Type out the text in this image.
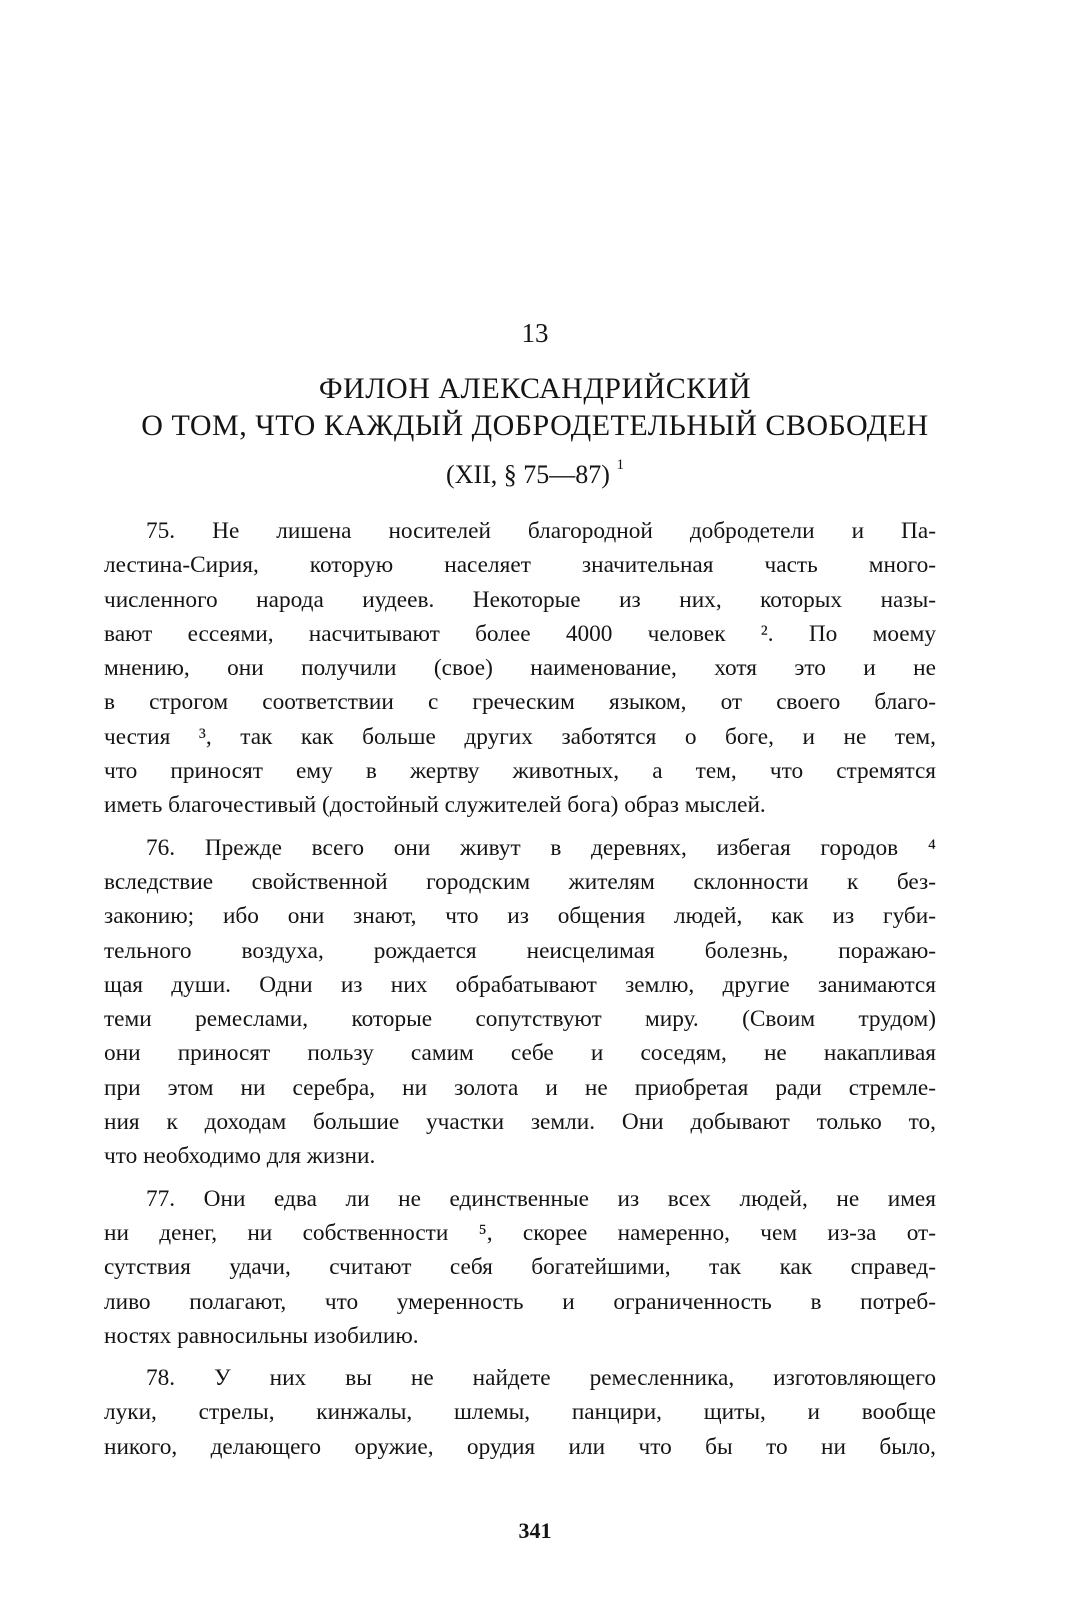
13
ФИЛОН АЛЕКСАНДРИЙСКИЙ
О ТОМ, ЧТО КАЖДЫЙ ДОБРОДЕТЕЛЬНЫЙ СВОБОДЕН
(XII, § 75—87) $^1$
75. Не лишена носителей благородной добродетели и Па-
лестина-Сирия, которую населяет значительная часть много-
численного народа иудеев. Некоторые из них, которых назы-
вают ессеями, насчитывают более 4000 человек ². По моему
мнению, они получили (свое) наименование, хотя это и не
в строгом соответствии с греческим языком, от своего благо-
честия ³, так как больше других заботятся о боге, и не тем,
что приносят ему в жертву животных, а тем, что стремятся
иметь благочестивый (достойный служителей бога) образ мыслей.
76. Прежде всего они живут в деревнях, избегая городов ⁴
вследствие свойственной городским жителям склонности к без-
законию; ибо они знают, что из общения людей, как из губи-
тельного воздуха, рождается неисцелимая болезнь, поражаю-
щая души. Одни из них обрабатывают землю, другие занимаются
теми ремеслами, которые сопутствуют миру. (Своим трудом)
они приносят пользу самим себе и соседям, не накапливая
при этом ни серебра, ни золота и не приобретая ради стремле-
ния к доходам большие участки земли. Они добывают только то,
что необходимо для жизни.
77. Они едва ли не единственные из всех людей, не имея
ни денег, ни собственности ⁵, скорее намеренно, чем из-за от-
сутствия удачи, считают себя богатейшими, так как справед-
ливо полагают, что умеренность и ограниченность в потреб-
ностях равносильны изобилию.
78. У них вы не найдете ремесленника, изготовляющего
луки, стрелы, кинжалы, шлемы, панцири, щиты, и вообще
никого, делающего оружие, орудия или что бы то ни было,
341
